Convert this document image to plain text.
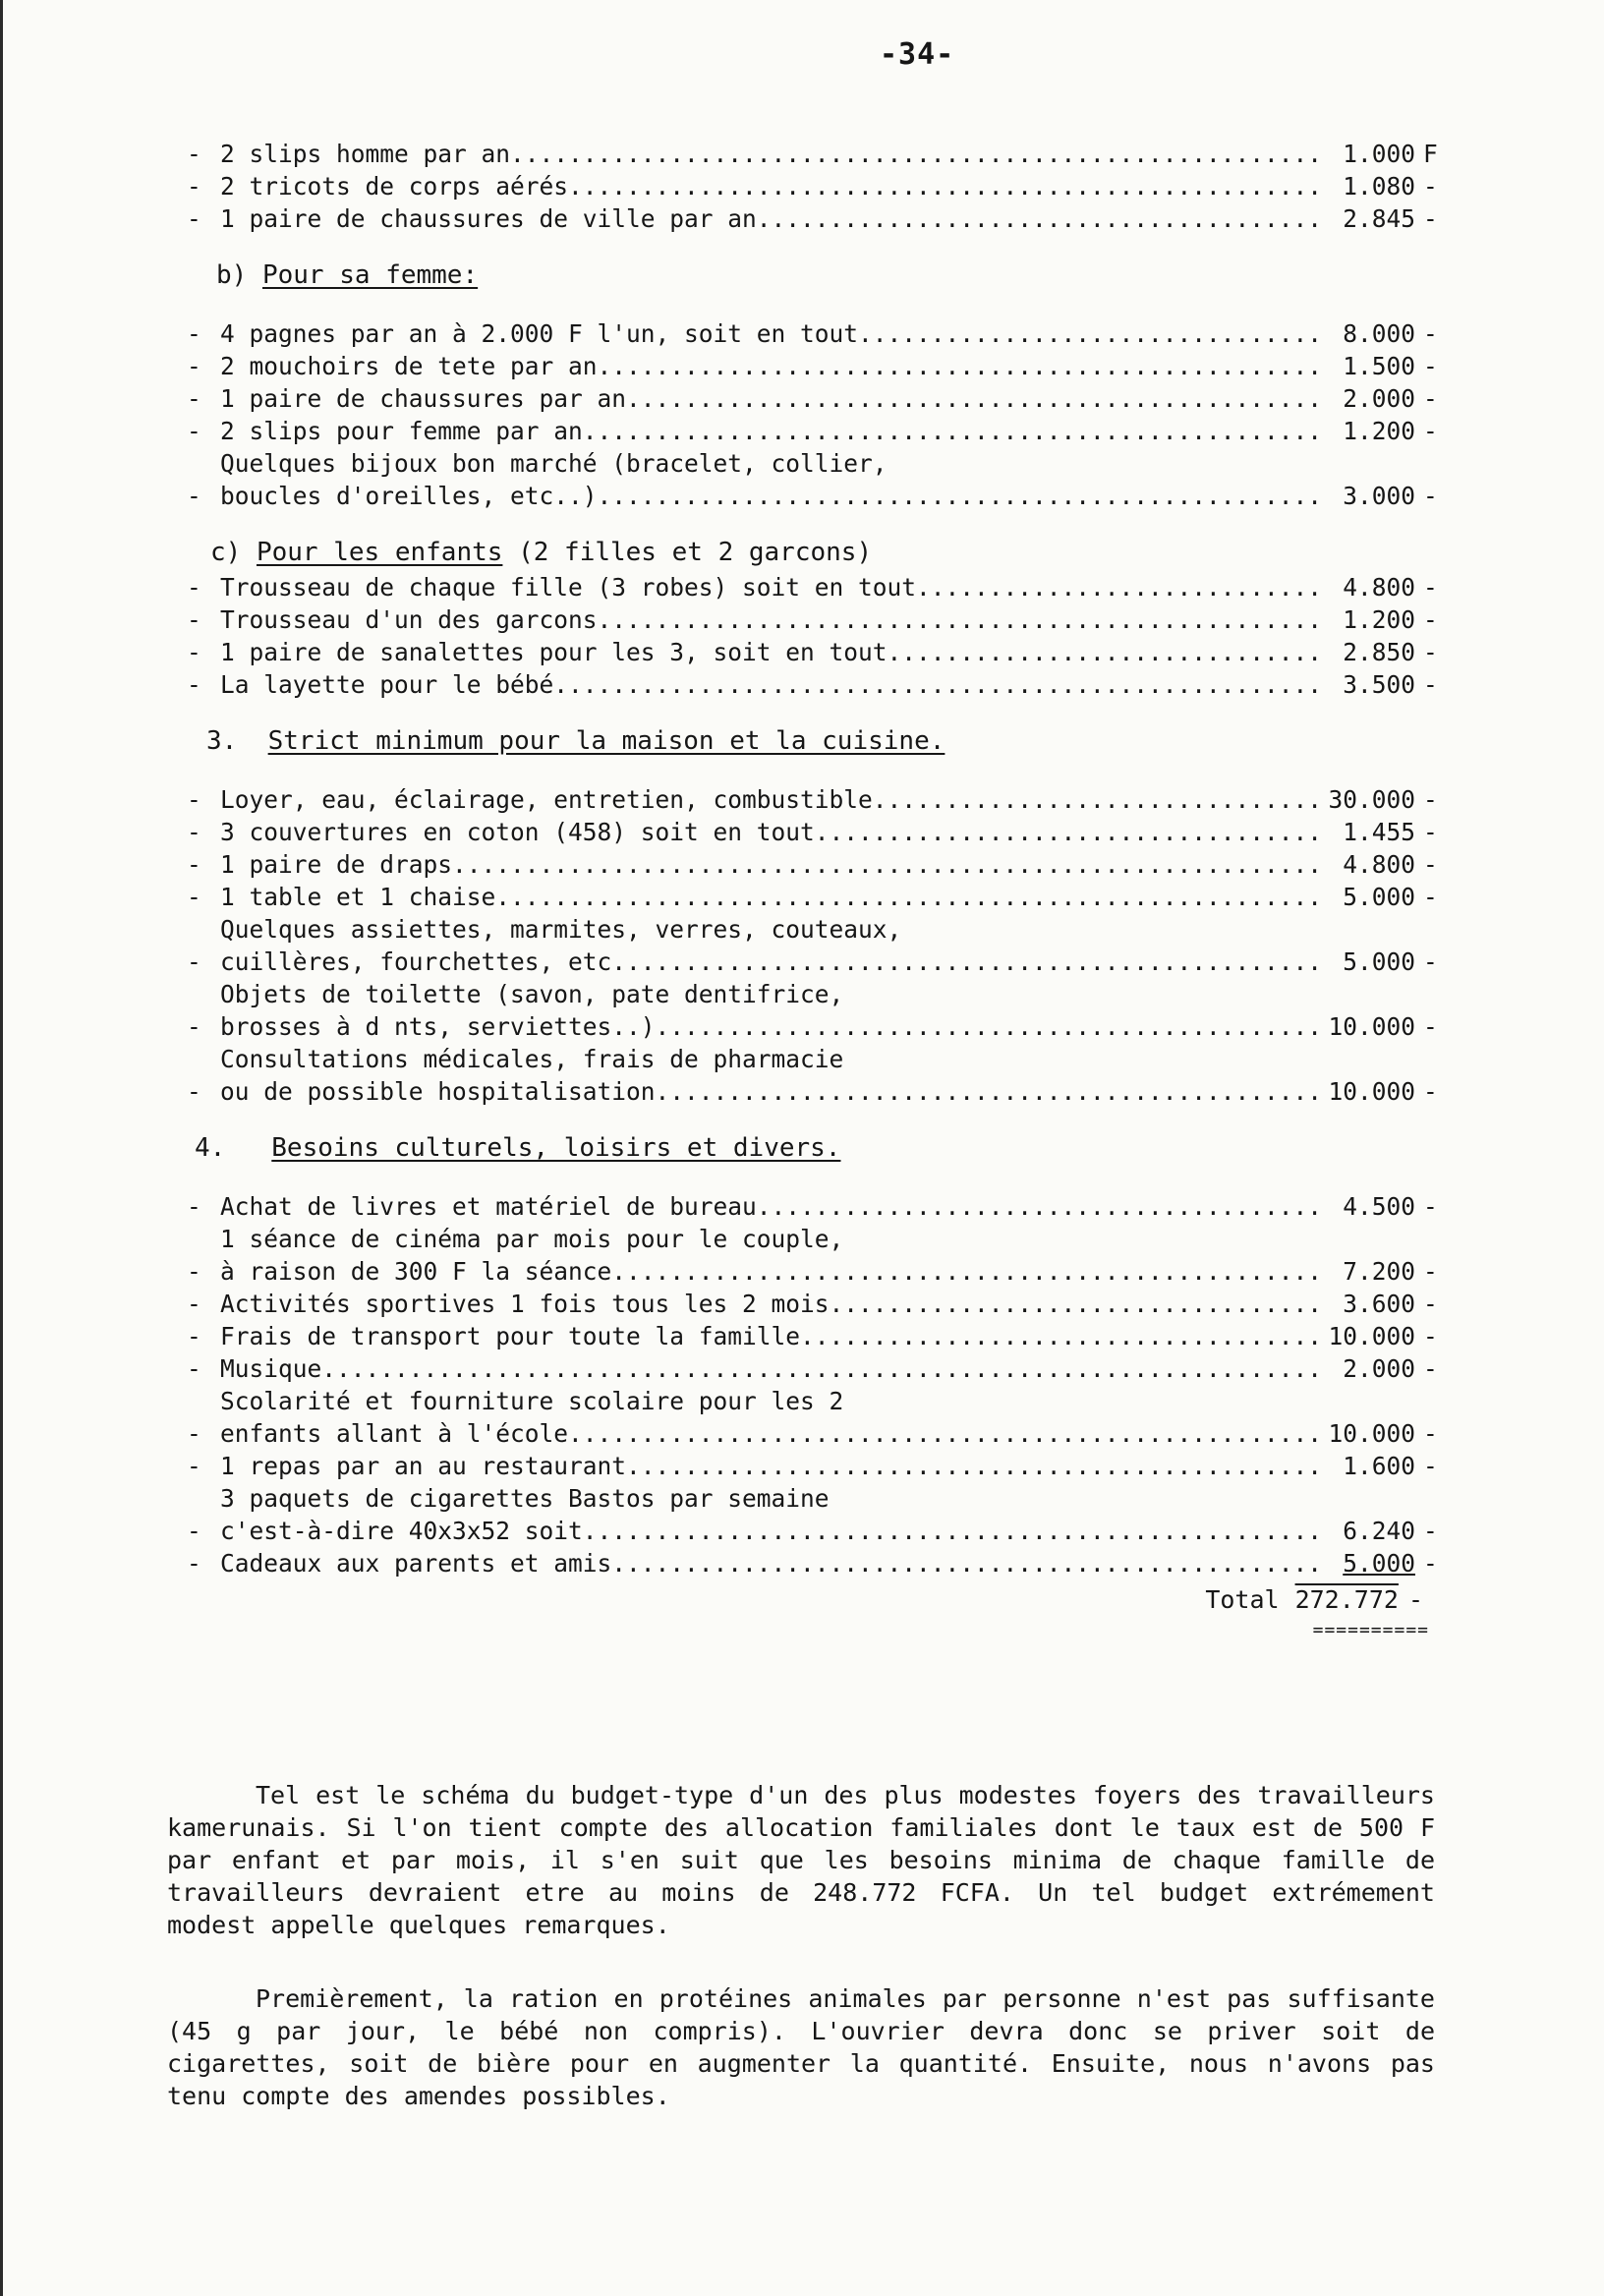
-34-
- 2 slips homme par an .....	1.000 F
- 2 tricots de corps aérés .....	1.080 -
- 1 paire de chaussures de ville par an .....	2.845 -
b) Pour sa femme:
- 4 pagnes par an à 2.000 F l'un, soit en tout .....	8.000 -
- 2 mouchoirs de tete par an .....	1.500 -
- 1 paire de chaussures par an .....	2.000 -
- 2 slips pour femme par an .....	1.200 -
-
Quelques bijoux bon marché (bracelet, collier,
boucles d'oreilles, etc..) .....	3.000 -
c) Pour les enfants (2 filles et 2 garcons)
- Trousseau de chaque fille (3 robes) soit en tout .....	4.800 -
- Trousseau d'un des garcons .....	1.200 -
- 1 paire de sanalettes pour les 3, soit en tout .....	2.850 -
- La layette pour le bébé .....	3.500 -
3. Strict minimum pour la maison et la cuisine.
- Loyer, eau, éclairage, entretien, combustible .....	30.000 -
- 3 couvertures en coton (458) soit en tout .....	1.455 -
- 1 paire de draps .....	4.800 -
- 1 table et 1 chaise .....	5.000 -
-
Quelques assiettes, marmites, verres, couteaux,
cuillères, fourchettes, etc .....	5.000 -
-
Objets de toilette (savon, pate dentifrice,
brosses à d nts, serviettes..) .....	10.000 -
-
Consultations médicales, frais de pharmacie
ou de possible hospitalisation .....	10.000 -
4. Besoins culturels, loisirs et divers.
- Achat de livres et matériel de bureau .....	4.500 -
-
1 séance de cinéma par mois pour le couple,
à raison de 300 F la séance .....	7.200 -
- Activités sportives 1 fois tous les 2 mois .....	3.600 -
- Frais de transport pour toute la famille .....	10.000 -
- Musique .....	2.000 -
-
Scolarité et fourniture scolaire pour les 2
enfants allant à l'école .....	10.000 -
- 1 repas par an au restaurant .....	1.600 -
-
3 paquets de cigarettes Bastos par semaine
c'est-à-dire 40x3x52 soit .....	6.240 -
- Cadeaux aux parents et amis .....	5.000 -
Total 272.772 -
==========

Tel est le schéma du budget-type d'un des plus modestes foyers des travailleurs kamerunais. Si l'on tient compte des allocation familiales dont le taux est de 500 F par enfant et par mois, il s'en suit que les besoins minima de chaque famille de travailleurs devraient etre au moins de 248.772 FCFA. Un tel budget extrémement modest appelle quelques remarques.

Premièrement, la ration en protéines animales par personne n'est pas suffisante (45 g par jour, le bébé non compris). L'ouvrier devra donc se priver soit de cigarettes, soit de bière pour en augmenter la quantité. Ensuite, nous n'avons pas tenu compte des amendes possibles.
